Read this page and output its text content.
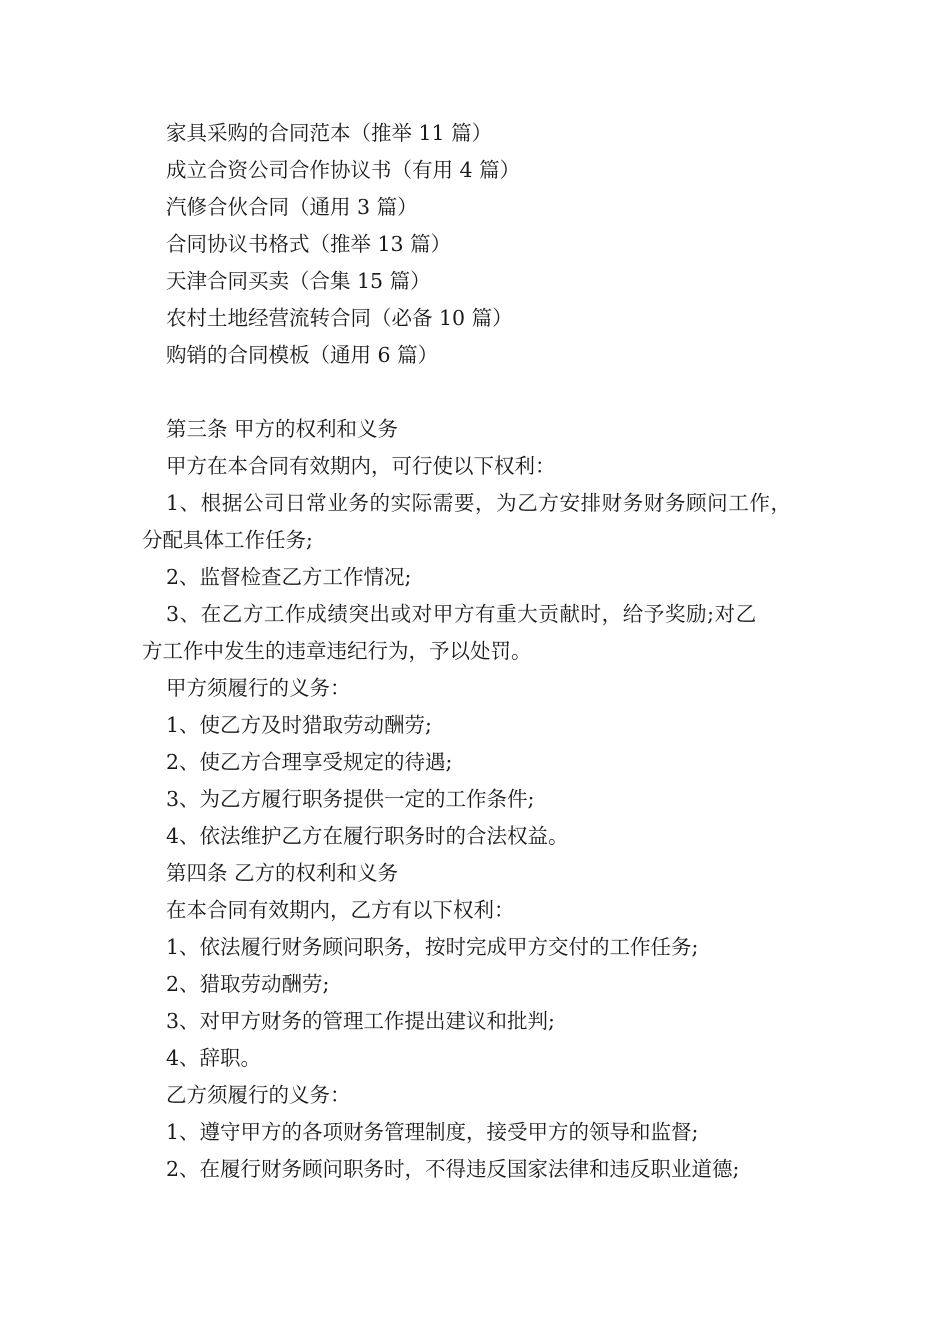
家具采购的合同范本（推举 11 篇）
成立合资公司合作协议书（有用 4 篇）
汽修合伙合同（通用 3 篇）
合同协议书格式（推举 13 篇）
天津合同买卖（合集 15 篇）
农村土地经营流转合同（必备 10 篇）
购销的合同模板（通用 6 篇）
第三条 甲方的权利和义务
甲方在本合同有效期内，可行使以下权利：
1、根据公司日常业务的实际需要，为乙方安排财务财务顾问工作，
分配具体工作任务;
2、监督检查乙方工作情况;
3、在乙方工作成绩突出或对甲方有重大贡献时，给予奖励;对乙
方工作中发生的违章违纪行为，予以处罚。
甲方须履行的义务：
1、使乙方及时猎取劳动酬劳;
2、使乙方合理享受规定的待遇;
3、为乙方履行职务提供一定的工作条件;
4、依法维护乙方在履行职务时的合法权益。
第四条 乙方的权利和义务
在本合同有效期内，乙方有以下权利：
1、依法履行财务顾问职务，按时完成甲方交付的工作任务;
2、猎取劳动酬劳;
3、对甲方财务的管理工作提出建议和批判;
4、辞职。
乙方须履行的义务：
1、遵守甲方的各项财务管理制度，接受甲方的领导和监督;
2、在履行财务顾问职务时，不得违反国家法律和违反职业道德;
